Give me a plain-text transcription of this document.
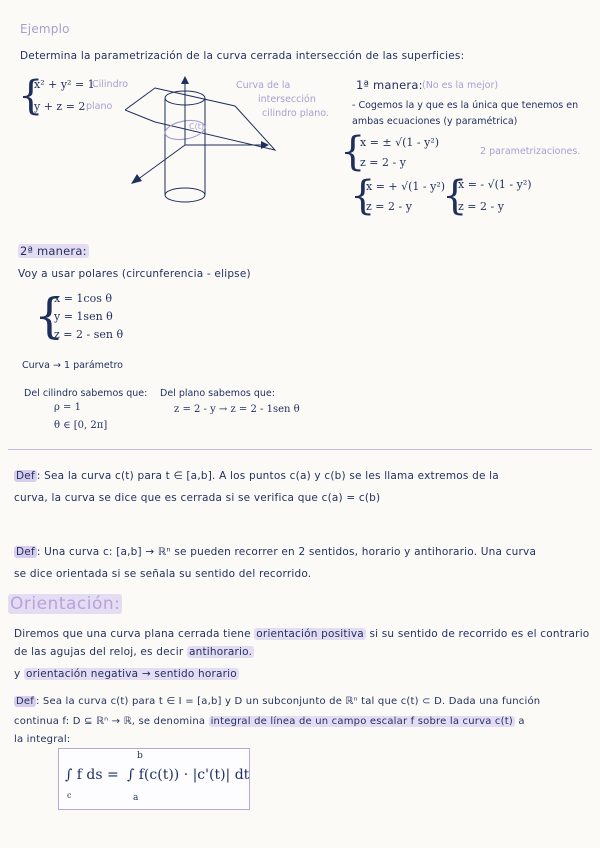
Ejemplo
Determina la parametrización de la curva cerrada intersección de las superficies:
{
x² + y² = 1
Cilindro
y + z = 2 plano
C(t)
Curva de la
intersección
cilindro plano.
1ª manera: (No es la mejor)
- Cogemos la y que es la única que tenemos en
ambas ecuaciones (y paramétrica)
{
x = ± √(1 - y²)
z = 2 - y
2 parametrizaciones.
{
x = + √(1 - y²)
z = 2 - y {
x = - √(1 - y²)
z = 2 - y
2ª manera:
Voy a usar polares (circunferencia - elipse)
{
x = 1cos θ
y = 1sen θ
z = 2 - sen θ
Curva → 1 parámetro
Del cilindro sabemos que:
ρ = 1
θ ∈ [0, 2π]
Del plano sabemos que:
z = 2 - y → z = 2 - 1sen θ
Def : Sea la curva c(t) para t ∈ [a,b]. A los puntos c(a) y c(b) se les llama extremos de la
curva, la curva se dice que es cerrada si se verifica que c(a) = c(b)
Def : Una curva c: [a,b] → ℝⁿ se pueden recorrer en 2 sentidos, horario y antihorario. Una curva
se dice orientada si se señala su sentido del recorrido.
Orientación:
Diremos que una curva plana cerrada tiene orientación positiva si su sentido de recorrido es el contrario
de las agujas del reloj, es decir antihorario.
y orientación negativa → sentido horario
Def : Sea la curva c(t) para t ∈ I = [a,b] y D un subconjunto de ℝⁿ tal que c(t) ⊂ D. Dada una función
continua f: D ⊆ ℝⁿ → ℝ, se denomina integral de línea de un campo escalar f sobre la curva c(t) a
la integral:
∫ f ds =
c
∫ f(c(t)) · |c'(t)| dt
b
a
